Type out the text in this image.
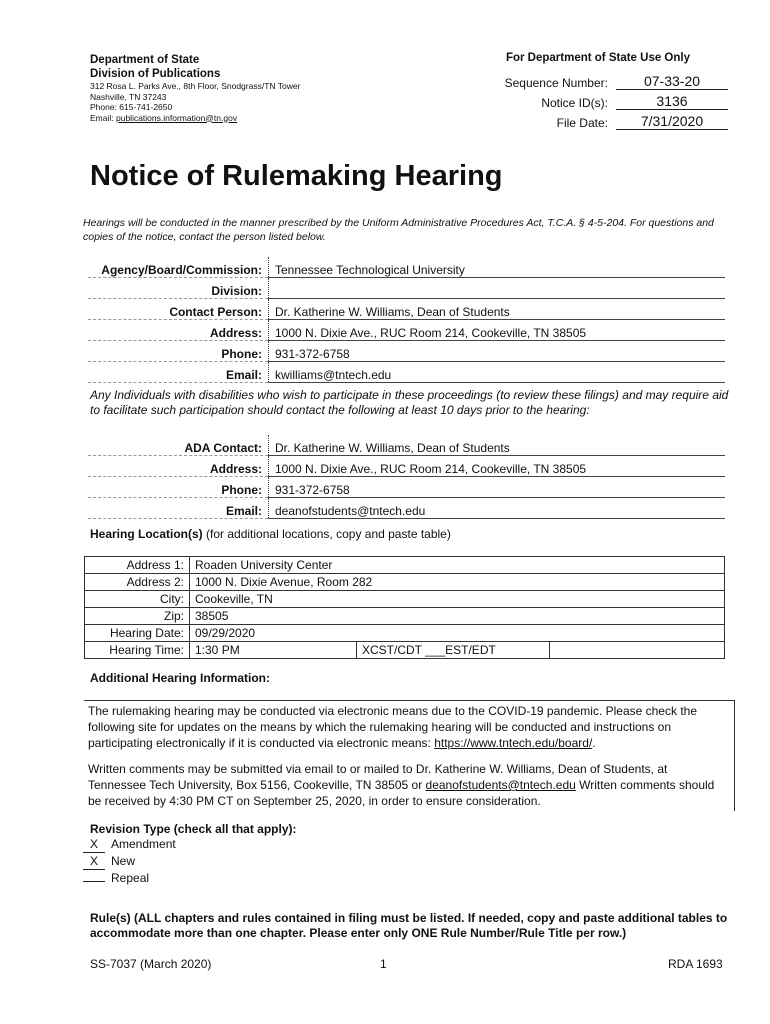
Department of State
Division of Publications
312 Rosa L. Parks Ave., 8th Floor, Snodgrass/TN Tower
Nashville, TN 37243
Phone: 615-741-2650
Email: publications.information@tn.gov
For Department of State Use Only
Sequence Number:	07-33-20
Notice ID(s):	3136
File Date:	7/31/2020
Notice of Rulemaking Hearing
Hearings will be conducted in the manner prescribed by the Uniform Administrative Procedures Act, T.C.A. § 4-5-204. For questions and copies of the notice, contact the person listed below.
Agency/Board/Commission:	Tennessee Technological University
Division:	
Contact Person:	Dr. Katherine W. Williams, Dean of Students
Address:	1000 N. Dixie Ave., RUC Room 214, Cookeville, TN 38505
Phone:	931-372-6758
Email:	kwilliams@tntech.edu
Any Individuals with disabilities who wish to participate in these proceedings (to review these filings) and may require aid to facilitate such participation should contact the following at least 10 days prior to the hearing:
ADA Contact:	Dr. Katherine W. Williams, Dean of Students
Address:	1000 N. Dixie Ave., RUC Room 214, Cookeville, TN 38505
Phone:	931-372-6758
Email:	deanofstudents@tntech.edu
Hearing Location(s) (for additional locations, copy and paste table)
Address 1:	Roaden University Center		
Address 2:	1000 N. Dixie Avenue, Room 282		
City:	Cookeville, TN		
Zip:	38505		
Hearing Date:	09/29/2020		
Hearing Time:	1:30 PM	XCST/CDT ___EST/EDT	
Additional Hearing Information:

The rulemaking hearing may be conducted via electronic means due to the COVID-19 pandemic. Please check the following site for updates on the means by which the rulemaking hearing will be conducted and instructions on participating electronically if it is conducted via electronic means: https://www.tntech.edu/board/.

Written comments may be submitted via email to or mailed to Dr. Katherine W. Williams, Dean of Students, at Tennessee Tech University, Box 5156, Cookeville, TN 38505 or deanofstudents@tntech.edu Written comments should be received by 4:30 PM CT on September 25, 2020, in order to ensure consideration.

Revision Type (check all that apply):
X Amendment
X New
Repeal
Rule(s) (ALL chapters and rules contained in filing must be listed. If needed, copy and paste additional tables to accommodate more than one chapter. Please enter only ONE Rule Number/Rule Title per row.)
SS-7037 (March 2020)	1	RDA 1693
